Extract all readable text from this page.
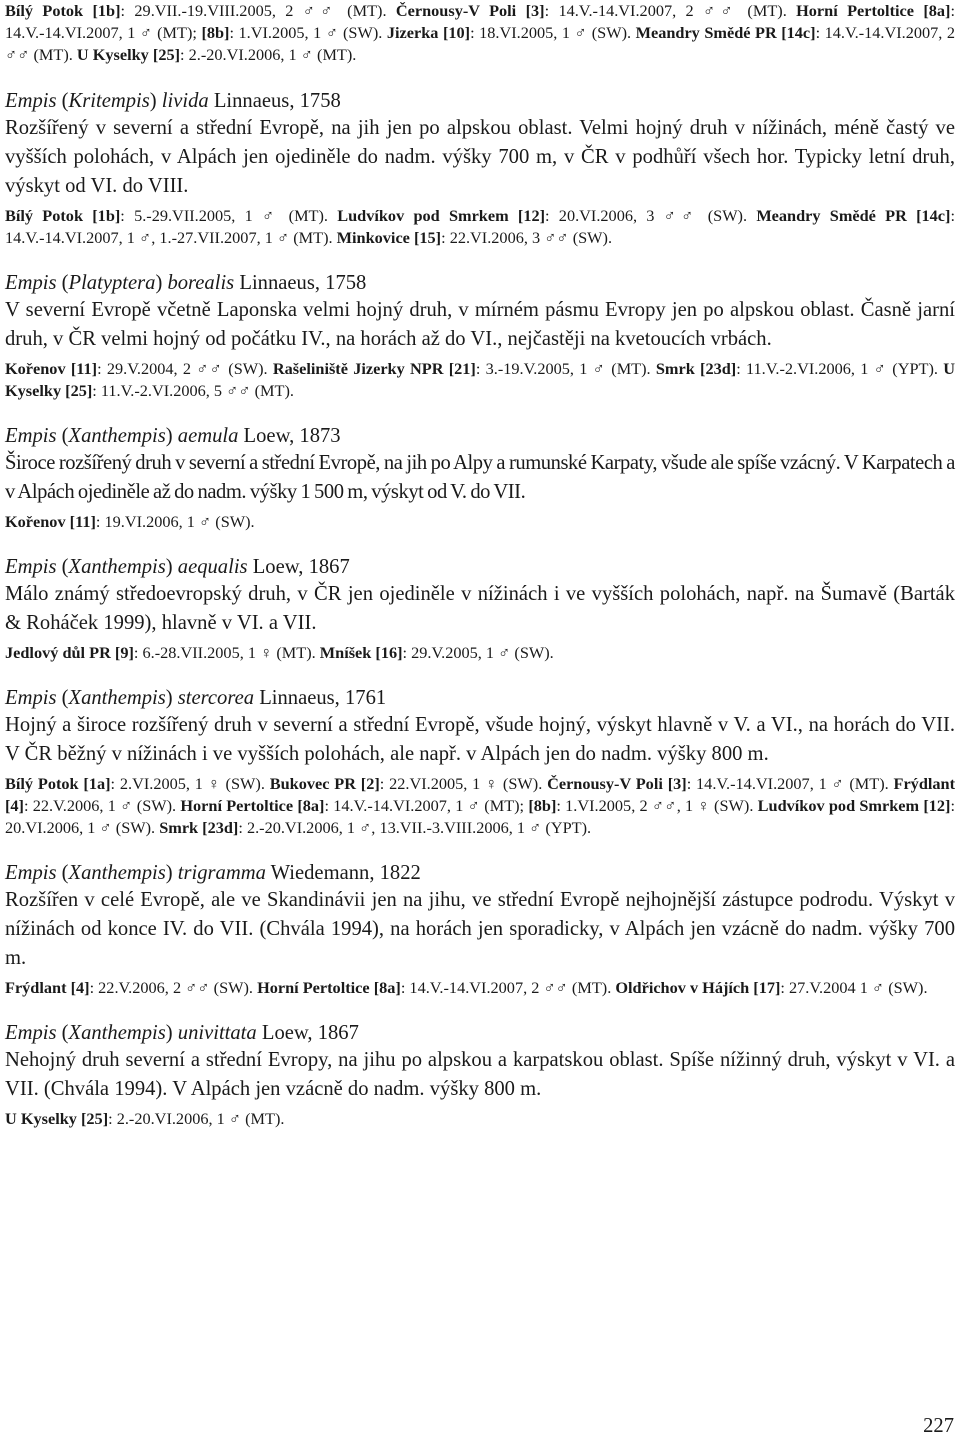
Bílý Potok [1b]: 29.VII.-19.VIII.2005, 2 ♂♂ (MT). Černousy-V Poli [3]: 14.V.-14.VI.2007, 2 ♂♂ (MT). Horní Pertoltice [8a]: 14.V.-14.VI.2007, 1 ♂ (MT); [8b]: 1.VI.2005, 1 ♂ (SW). Jizerka [10]: 18.VI.2005, 1 ♂ (SW). Meandry Smědé PR [14c]: 14.V.-14.VI.2007, 2 ♂♂ (MT). U Kyselky [25]: 2.-20.VI.2006, 1 ♂ (MT).

Empis (Kritempis) livida Linnaeus, 1758

Rozšířený v severní a střední Evropě, na jih jen po alpskou oblast. Velmi hojný druh v nížinách, méně častý ve vyšších polohách, v Alpách jen ojediněle do nadm. výšky 700 m, v ČR v podhůří všech hor. Typicky letní druh, výskyt od VI. do VIII.

Bílý Potok [1b]: 5.-29.VII.2005, 1 ♂ (MT). Ludvíkov pod Smrkem [12]: 20.VI.2006, 3 ♂♂ (SW). Meandry Smědé PR [14c]: 14.V.-14.VI.2007, 1 ♂, 1.-27.VII.2007, 1 ♂ (MT). Minkovice [15]: 22.VI.2006, 3 ♂♂ (SW).

Empis (Platyptera) borealis Linnaeus, 1758

V severní Evropě včetně Laponska velmi hojný druh, v mírném pásmu Evropy jen po alpskou oblast. Časně jarní druh, v ČR velmi hojný od počátku IV., na horách až do VI., nejčastěji na kvetoucích vrbách.

Kořenov [11]: 29.V.2004, 2 ♂♂ (SW). Rašeliniště Jizerky NPR [21]: 3.-19.V.2005, 1 ♂ (MT). Smrk [23d]: 11.V.-2.VI.2006, 1 ♂ (YPT). U Kyselky [25]: 11.V.-2.VI.2006, 5 ♂♂ (MT).

Empis (Xanthempis) aemula Loew, 1873

Široce rozšířený druh v severní a střední Evropě, na jih po Alpy a rumunské Karpaty, všude ale spíše vzácný. V Karpatech a v Alpách ojediněle až do nadm. výšky 1 500 m, výskyt od V. do VII.

Kořenov [11]: 19.VI.2006, 1 ♂ (SW).

Empis (Xanthempis) aequalis Loew, 1867

Málo známý středoevropský druh, v ČR jen ojediněle v nížinách i ve vyšších polohách, např. na Šumavě (Barták & Roháček 1999), hlavně v VI. a VII.

Jedlový důl PR [9]: 6.-28.VII.2005, 1 ♀ (MT). Mníšek [16]: 29.V.2005, 1 ♂ (SW).

Empis (Xanthempis) stercorea Linnaeus, 1761

Hojný a široce rozšířený druh v severní a střední Evropě, všude hojný, výskyt hlavně v V. a VI., na horách do VII. V ČR běžný v nížinách i ve vyšších polohách, ale např. v Alpách jen do nadm. výšky 800 m.

Bílý Potok [1a]: 2.VI.2005, 1 ♀ (SW). Bukovec PR [2]: 22.VI.2005, 1 ♀ (SW). Černousy-V Poli [3]: 14.V.-14.VI.2007, 1 ♂ (MT). Frýdlant [4]: 22.V.2006, 1 ♂ (SW). Horní Pertoltice [8a]: 14.V.-14.VI.2007, 1 ♂ (MT); [8b]: 1.VI.2005, 2 ♂♂, 1 ♀ (SW). Ludvíkov pod Smrkem [12]: 20.VI.2006, 1 ♂ (SW). Smrk [23d]: 2.-20.VI.2006, 1 ♂, 13.VII.-3.VIII.2006, 1 ♂ (YPT).

Empis (Xanthempis) trigramma Wiedemann, 1822

Rozšířen v celé Evropě, ale ve Skandinávii jen na jihu, ve střední Evropě nejhojnější zástupce podrodu. Výskyt v nížinách od konce IV. do VII. (Chvála 1994), na horách jen sporadicky, v Alpách jen vzácně do nadm. výšky 700 m.

Frýdlant [4]: 22.V.2006, 2 ♂♂ (SW). Horní Pertoltice [8a]: 14.V.-14.VI.2007, 2 ♂♂ (MT). Oldřichov v Hájích [17]: 27.V.2004 1 ♂ (SW).

Empis (Xanthempis) univittata Loew, 1867

Nehojný druh severní a střední Evropy, na jihu po alpskou a karpatskou oblast. Spíše nížinný druh, výskyt v VI. a VII. (Chvála 1994). V Alpách jen vzácně do nadm. výšky 800 m.

U Kyselky [25]: 2.-20.VI.2006, 1 ♂ (MT).

227
